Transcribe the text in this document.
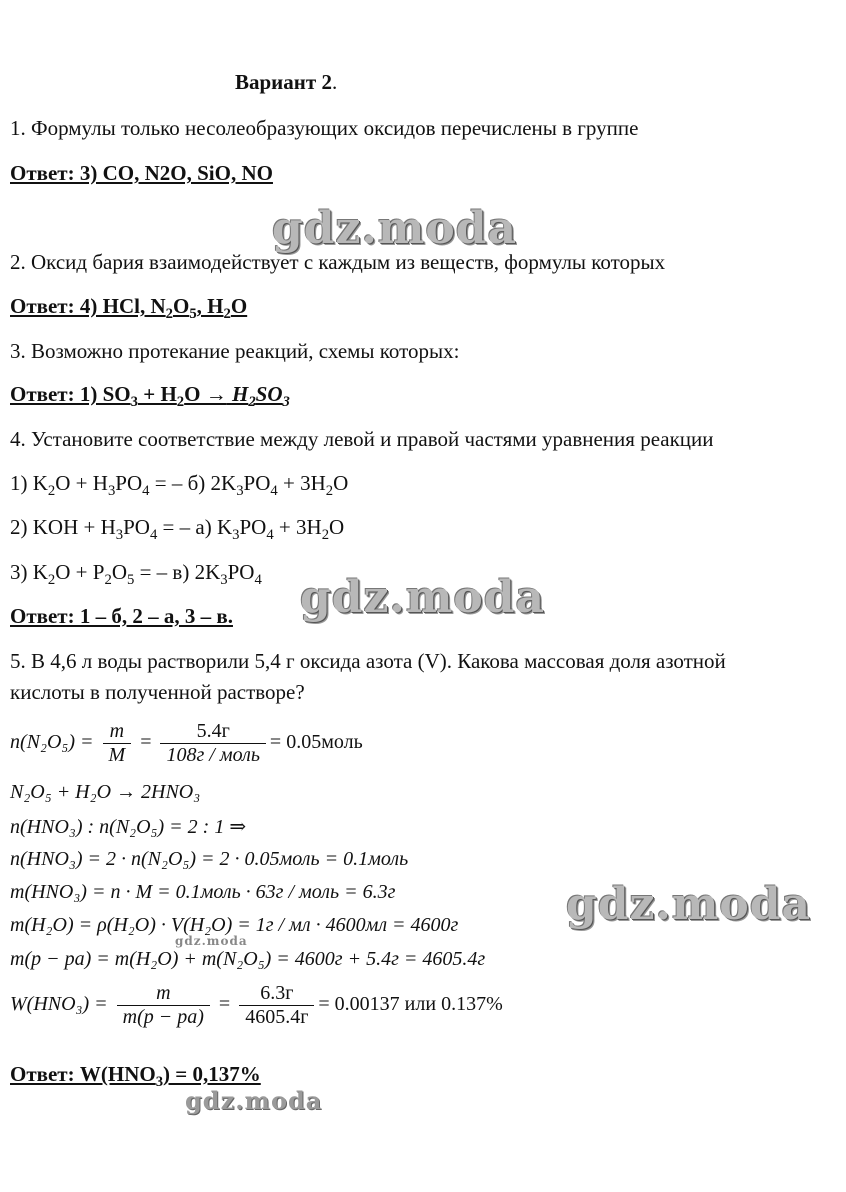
Вариант 2.
1. Формулы только несолеобразующих оксидов перечислены в группе
Ответ: 3) CO, N2O, SiO, NO
gdz.moda
2. Оксид бария взаимодействует с каждым из веществ, формулы которых
Ответ: 4) HCl, $N_2O_5$, $H_2O$
3. Возможно протекание реакций, схемы которых:
Ответ: 1) $SO_3 + H_2O \to H_2SO_3$
4. Установите соответствие между левой и правой частями уравнения реакции
1) $K_2O + H_3PO_4$ = – б) $2K_3PO_4 + 3H_2O$
2) KOH + $H_3PO_4$ = – а) $K_3PO_4 + 3H_2O$
3) $K_2O + P_2O_5$ = – в) $2K_3PO_4$ gdz.moda
Ответ: 1 – б, 2 – а, 3 – в.
5. В 4,6 л воды растворили 5,4 г оксида азота (V). Какова массовая доля азотной
кислоты в полученной растворе?
$n(N_2O_5) = \frac{m}{M} = \frac{5.4г}{\text{108г / моль}}$ = 0.05моль
N₂O₅ + H₂O → 2HNO₃
n(HNO₃) : n(N₂O₅) = 2 : 1 ⇒
n(HNO₃) = 2 · n(N₂O₅) = 2 · 0.05моль = 0.1моль
m(HNO₃) = n · M = 0.1моль · 63г / моль = 6.3г
m(H₂O) = ρ(H₂O) · V(H₂O) = 1г / мл · 4600мл = 4600г
m(p − pa) = m(H₂O) + m(N₂O₅) = 4600г + 5.4г = 4605.4г
gdz.moda
gdz.moda
$W(HNO_3) = \frac{m}{m(p - pa)} = \frac{6.3г}{4605.4г} = 0.00137$ или 0.137%
Ответ: $W(HNO_3) = 0,137\%$
gdz.moda
